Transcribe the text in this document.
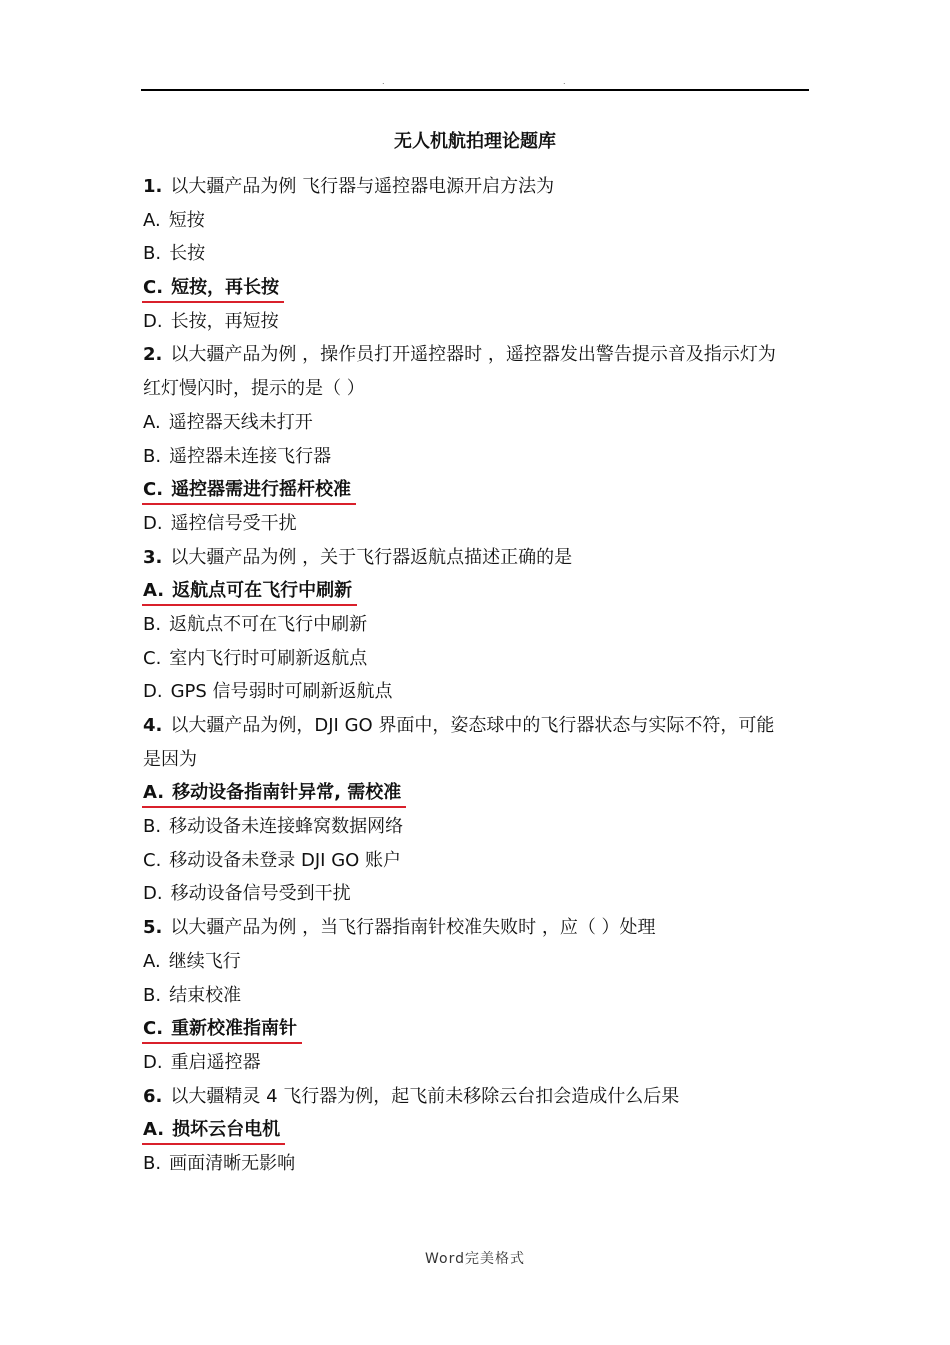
.	.
无人机航拍理论题库
1. 以大疆产品为例 飞行器与遥控器电源开启方法为
A. 短按
B. 长按
C. 短按，再长按
D. 长按，再短按
2. 以大疆产品为例 ，操作员打开遥控器时 ，遥控器发出警告提示音及指示灯为
红灯慢闪时，提示的是（ ）
A. 遥控器天线未打开
B. 遥控器未连接飞行器
C. 遥控器需进行摇杆校准
D. 遥控信号受干扰
3. 以大疆产品为例 ，关于飞行器返航点描述正确的是
A. 返航点可在飞行中刷新
B. 返航点不可在飞行中刷新
C. 室内飞行时可刷新返航点
D. GPS 信号弱时可刷新返航点
4. 以大疆产品为例，DJI GO 界面中，姿态球中的飞行器状态与实际不符，可能
是因为
A. 移动设备指南针异常, 需校准
B. 移动设备未连接蜂窝数据网络
C. 移动设备未登录 DJI GO 账户
D. 移动设备信号受到干扰
5. 以大疆产品为例 ，当飞行器指南针校准失败时 ，应（ ）处理
A. 继续飞行
B. 结束校准
C. 重新校准指南针
D. 重启遥控器
6. 以大疆精灵 4 飞行器为例，起飞前未移除云台扣会造成什么后果
A. 损坏云台电机
B. 画面清晰无影响
Word完美格式
